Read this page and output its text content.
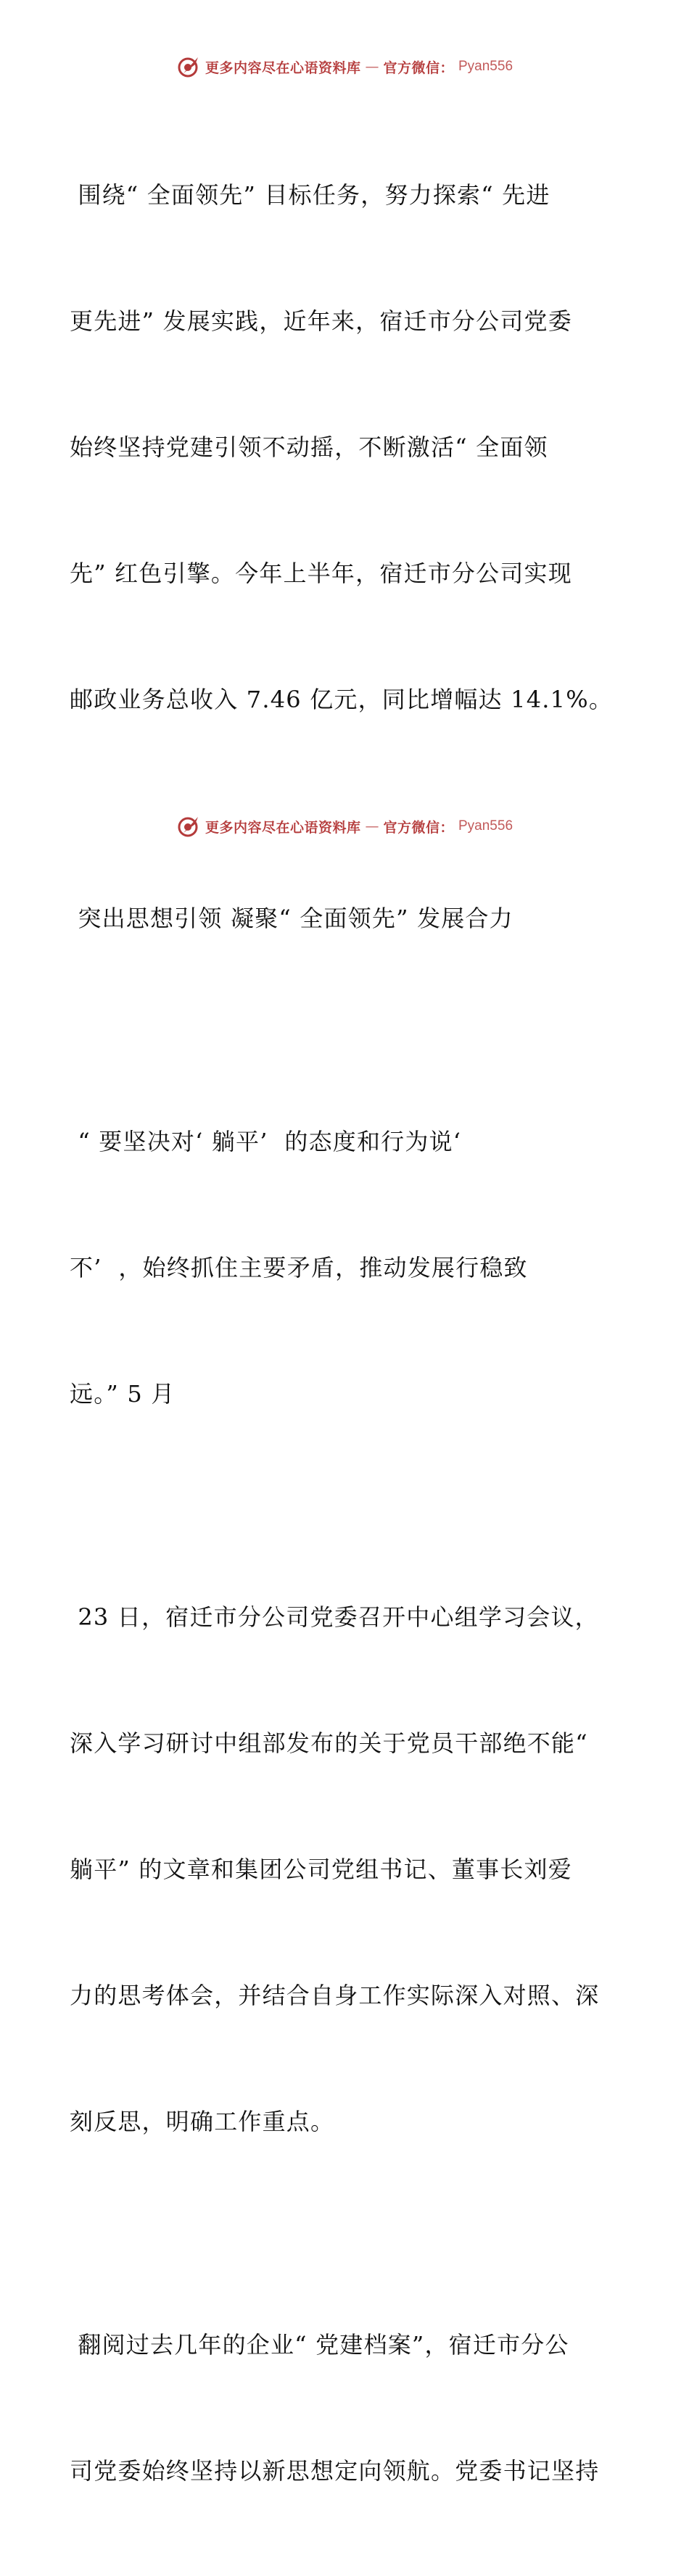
更多内容尽在心语资料库 — 官方微信： Pyan556

围绕“ 全面领先” 目标任务，努力探索“ 先进

更先进” 发展实践，近年来，宿迁市分公司党委

始终坚持党建引领不动摇，不断激活“ 全面领

先” 红色引擎。今年上半年，宿迁市分公司实现

邮政业务总收入 7.46 亿元，同比增幅达 14.1%。

突出思想引领 凝聚“ 全面领先” 发展合力

“ 要坚决对‘ 躺平’  的态度和行为说‘

不’  ，始终抓住主要矛盾，推动发展行稳致

远。” 5 月

23 日，宿迁市分公司党委召开中心组学习会议，

深入学习研讨中组部发布的关于党员干部绝不能“

躺平” 的文章和集团公司党组书记、董事长刘爱

力的思考体会，并结合自身工作实际深入对照、深

刻反思，明确工作重点。

翻阅过去几年的企业“ 党建档案”，宿迁市分公

司党委始终坚持以新思想定向领航。党委书记坚持

更多内容尽在心语资料库 — 官方微信： Pyan556
